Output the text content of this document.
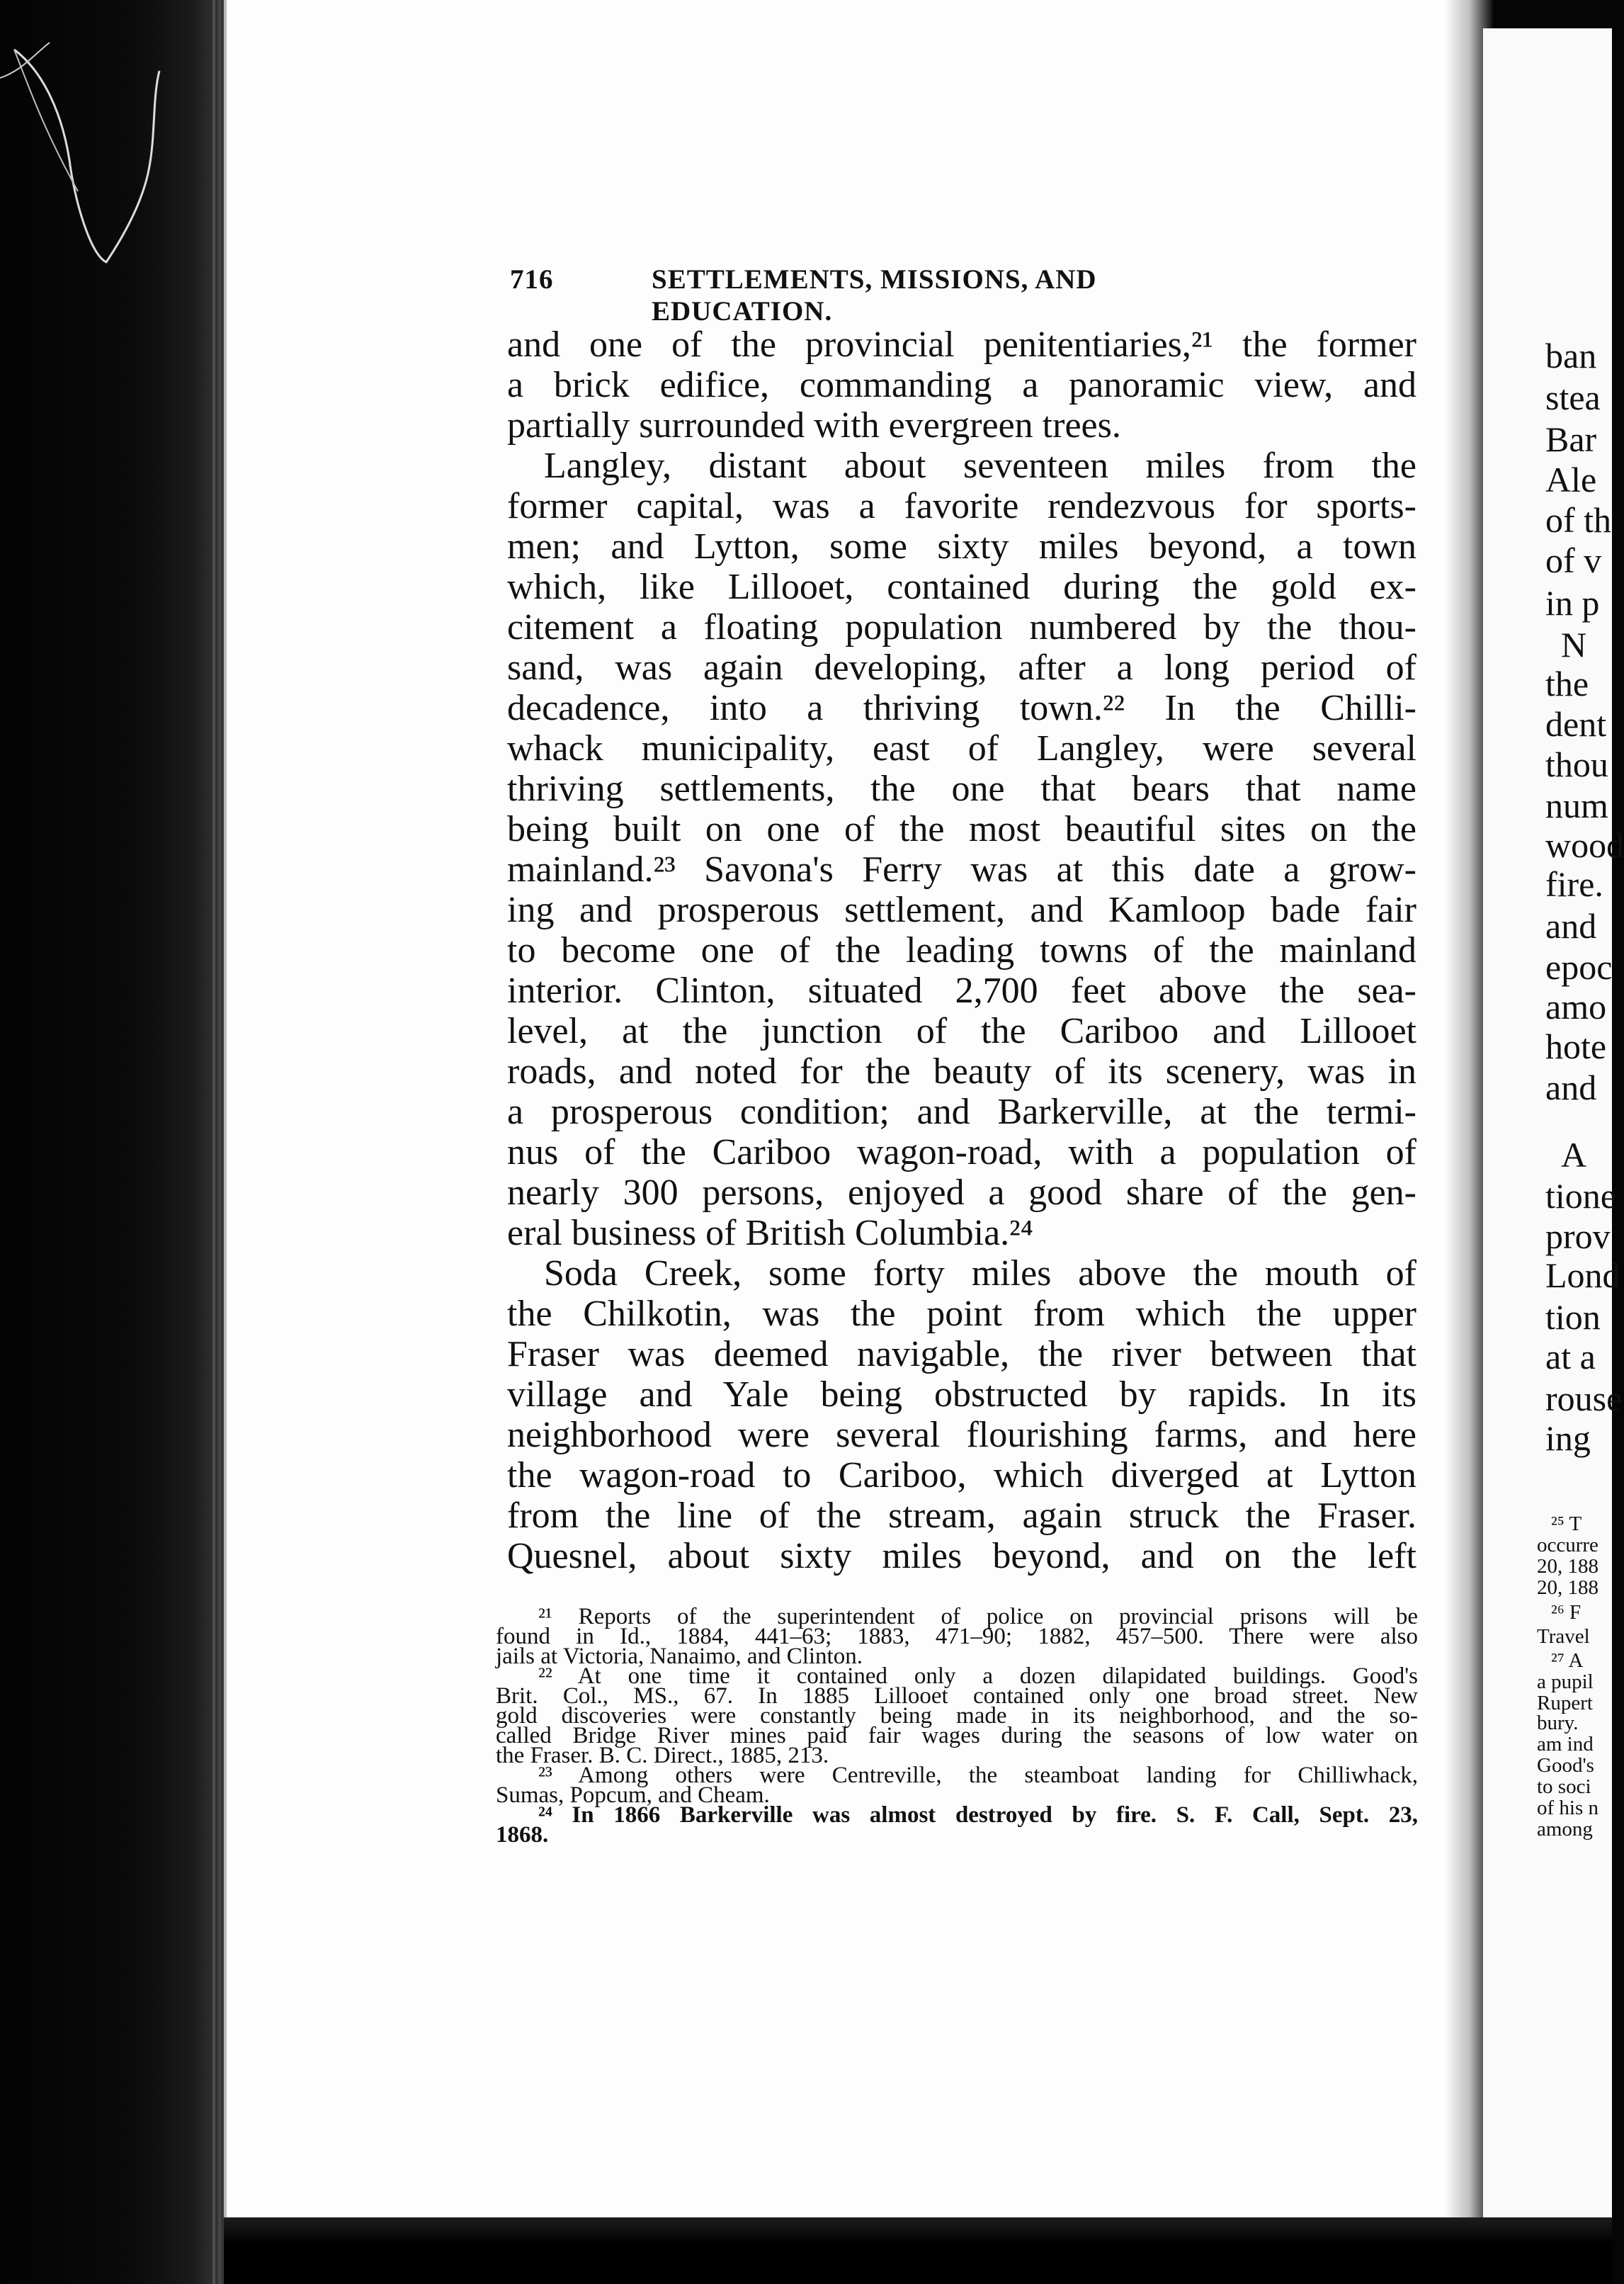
716	SETTLEMENTS, MISSIONS, AND EDUCATION.
and one of the provincial penitentiaries,²¹ the former
a brick edifice, commanding a panoramic view, and
partially surrounded with evergreen trees.
Langley, distant about seventeen miles from the
former capital, was a favorite rendezvous for sports-
men; and Lytton, some sixty miles beyond, a town
which, like Lillooet, contained during the gold ex-
citement a floating population numbered by the thou-
sand, was again developing, after a long period of
decadence, into a thriving town.²² In the Chilli-
whack municipality, east of Langley, were several
thriving settlements, the one that bears that name
being built on one of the most beautiful sites on the
mainland.²³ Savona's Ferry was at this date a grow-
ing and prosperous settlement, and Kamloop bade fair
to become one of the leading towns of the mainland
interior. Clinton, situated 2,700 feet above the sea-
level, at the junction of the Cariboo and Lillooet
roads, and noted for the beauty of its scenery, was in
a prosperous condition; and Barkerville, at the termi-
nus of the Cariboo wagon-road, with a population of
nearly 300 persons, enjoyed a good share of the gen-
eral business of British Columbia.²⁴
Soda Creek, some forty miles above the mouth of
the Chilkotin, was the point from which the upper
Fraser was deemed navigable, the river between that
village and Yale being obstructed by rapids. In its
neighborhood were several flourishing farms, and here
the wagon-road to Cariboo, which diverged at Lytton
from the line of the stream, again struck the Fraser.
Quesnel, about sixty miles beyond, and on the left
²¹ Reports of the superintendent of police on provincial prisons will be
found in Id., 1884, 441–63; 1883, 471–90; 1882, 457–500. There were also
jails at Victoria, Nanaimo, and Clinton.
²² At one time it contained only a dozen dilapidated buildings. Good's
Brit. Col., MS., 67. In 1885 Lillooet contained only one broad street. New
gold discoveries were constantly being made in its neighborhood, and the so-
called Bridge River mines paid fair wages during the seasons of low water on
the Fraser. B. C. Direct., 1885, 213.
²³ Among others were Centreville, the steamboat landing for Chilliwhack,
Sumas, Popcum, and Cheam.
²⁴ In 1866 Barkerville was almost destroyed by fire. S. F. Call, Sept. 23,
1868.
ban
stea
Bar
Ale
of th
of v
in p
N
the
dent
thou
num
wood
fire.
and
epoc
amo
hote
and
A
tione
prov
Lond
tion
at a
rouse
ing
²⁵ T
occurre
20, 188
20, 188
²⁶ F
Travel
²⁷ A
a pupil
Rupert
bury.
am ind
Good's
to soci
of his n
among
